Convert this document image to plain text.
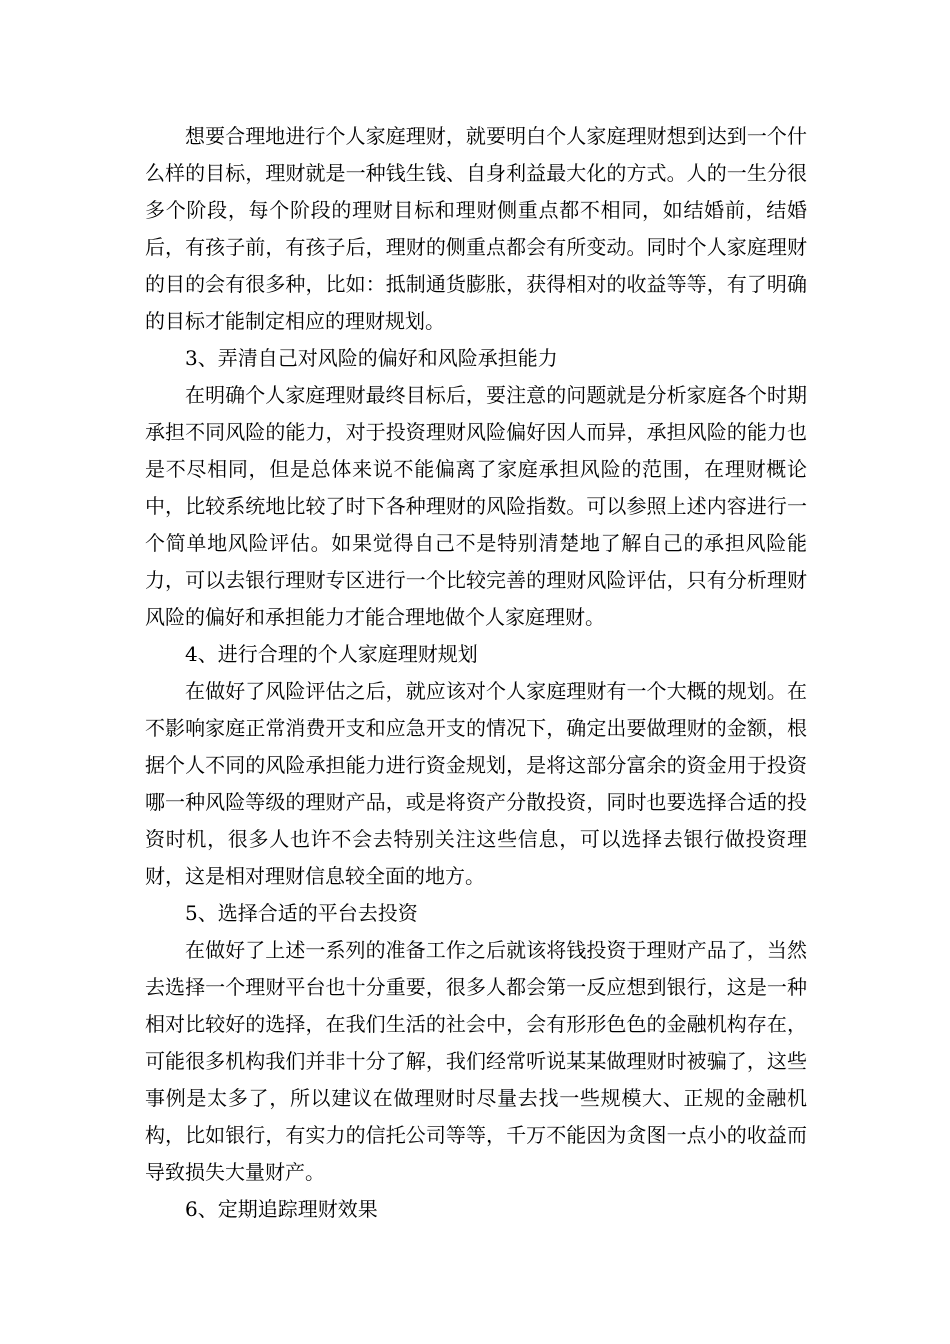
想要合理地进行个人家庭理财，就要明白个人家庭理财想到达到一个什么样的目标，理财就是一种钱生钱、自身利益最大化的方式。人的一生分很多个阶段，每个阶段的理财目标和理财侧重点都不相同，如结婚前，结婚后，有孩子前，有孩子后，理财的侧重点都会有所变动。同时个人家庭理财的目的会有很多种，比如：抵制通货膨胀，获得相对的收益等等，有了明确的目标才能制定相应的理财规划。

3、弄清自己对风险的偏好和风险承担能力

在明确个人家庭理财最终目标后，要注意的问题就是分析家庭各个时期承担不同风险的能力，对于投资理财风险偏好因人而异，承担风险的能力也是不尽相同，但是总体来说不能偏离了家庭承担风险的范围，在理财概论中，比较系统地比较了时下各种理财的风险指数。可以参照上述内容进行一个简单地风险评估。如果觉得自己不是特别清楚地了解自己的承担风险能力，可以去银行理财专区进行一个比较完善的理财风险评估，只有分析理财风险的偏好和承担能力才能合理地做个人家庭理财。

4、进行合理的个人家庭理财规划

在做好了风险评估之后，就应该对个人家庭理财有一个大概的规划。在不影响家庭正常消费开支和应急开支的情况下，确定出要做理财的金额，根据个人不同的风险承担能力进行资金规划，是将这部分富余的资金用于投资哪一种风险等级的理财产品，或是将资产分散投资，同时也要选择合适的投资时机，很多人也许不会去特别关注这些信息，可以选择去银行做投资理财，这是相对理财信息较全面的地方。

5、选择合适的平台去投资

在做好了上述一系列的准备工作之后就该将钱投资于理财产品了，当然去选择一个理财平台也十分重要，很多人都会第一反应想到银行，这是一种相对比较好的选择，在我们生活的社会中，会有形形色色的金融机构存在，可能很多机构我们并非十分了解，我们经常听说某某做理财时被骗了，这些事例是太多了，所以建议在做理财时尽量去找一些规模大、正规的金融机构，比如银行，有实力的信托公司等等，千万不能因为贪图一点小的收益而导致损失大量财产。

6、定期追踪理财效果
